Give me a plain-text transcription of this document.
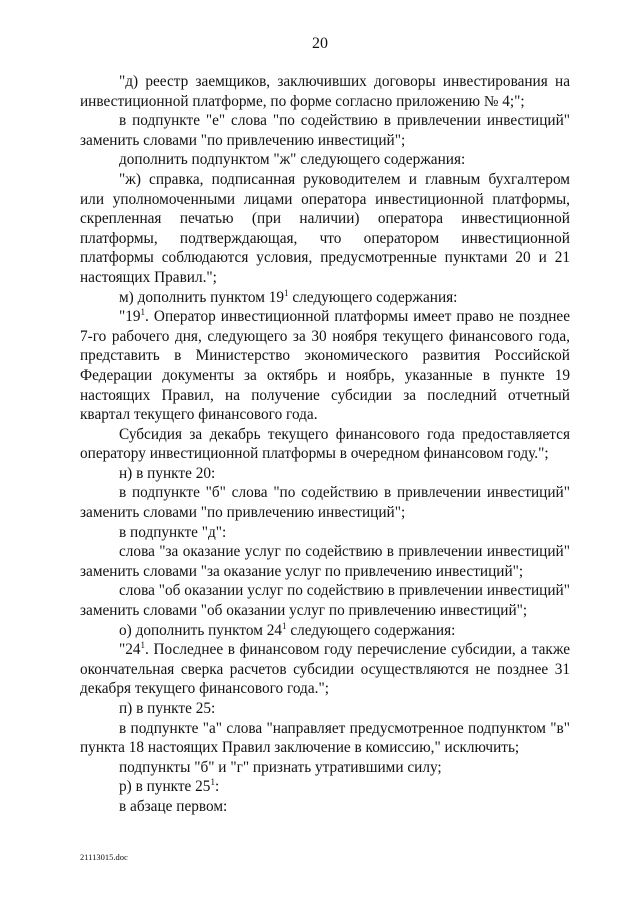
20

"д) реестр заемщиков, заключивших договоры инвестирования на инвестиционной платформе, по форме согласно приложению № 4;";

в подпункте "е" слова "по содействию в привлечении инвестиций" заменить словами "по привлечению инвестиций";

дополнить подпунктом "ж" следующего содержания:

"ж) справка, подписанная руководителем и главным бухгалтером или уполномоченными лицами оператора инвестиционной платформы, скрепленная печатью (при наличии) оператора инвестиционной платформы, подтверждающая, что оператором инвестиционной платформы соблюдаются условия, предусмотренные пунктами 20 и 21 настоящих Правил.";

м) дополнить пунктом $19^1$ следующего содержания:

"$19^1$. Оператор инвестиционной платформы имеет право не позднее 7-го рабочего дня, следующего за 30 ноября текущего финансового года, представить в Министерство экономического развития Российской Федерации документы за октябрь и ноябрь, указанные в пункте 19 настоящих Правил, на получение субсидии за последний отчетный квартал текущего финансового года.

Субсидия за декабрь текущего финансового года предоставляется оператору инвестиционной платформы в очередном финансовом году.";

н) в пункте 20:

в подпункте "б" слова "по содействию в привлечении инвестиций" заменить словами "по привлечению инвестиций";

в подпункте "д":

слова "за оказание услуг по содействию в привлечении инвестиций" заменить словами "за оказание услуг по привлечению инвестиций";

слова "об оказании услуг по содействию в привлечении инвестиций" заменить словами "об оказании услуг по привлечению инвестиций";

о) дополнить пунктом $24^1$ следующего содержания:

"$24^1$. Последнее в финансовом году перечисление субсидии, а также окончательная сверка расчетов субсидии осуществляются не позднее 31 декабря текущего финансового года.";

п) в пункте 25:

в подпункте "а" слова "направляет предусмотренное подпунктом "в" пункта 18 настоящих Правил заключение в комиссию," исключить;

подпункты "б" и "г" признать утратившими силу;

р) в пункте $25^1$:

в абзаце первом:

21113015.doc
